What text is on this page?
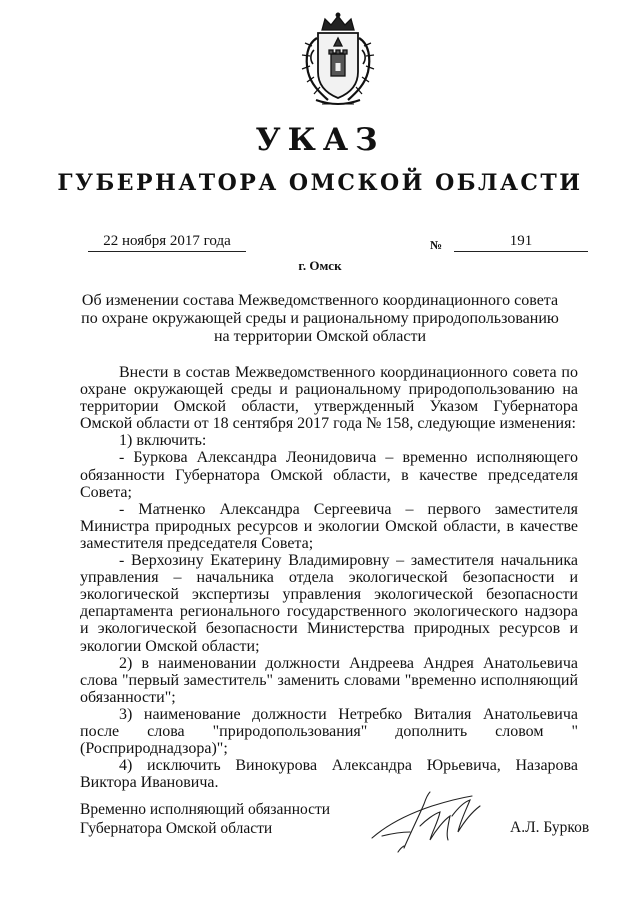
УКАЗ
ГУБЕРНАТОРА ОМСКОЙ ОБЛАСТИ
22 ноября 2017 года	№	191
г. Омск
Об изменении состава Межведомственного координационного совета
по охране окружающей среды и рациональному природопользованию
на территории Омской области

Внести в состав Межведомственного координационного совета по охране окружающей среды и рациональному природопользованию на территории Омской области, утвержденный Указом Губернатора Омской области от 18 сентября 2017 года № 158, следующие изменения:

1) включить:

- Буркова Александра Леонидовича – временно исполняющего обязанности Губернатора Омской области, в качестве председателя Совета;

- Матненко Александра Сергеевича – первого заместителя Министра природных ресурсов и экологии Омской области, в качестве заместителя председателя Совета;

- Верхозину Екатерину Владимировну – заместителя начальника управления – начальника отдела экологической безопасности и экологической экспертизы управления экологической безопасности департамента регионального государственного экологического надзора и экологической безопасности Министерства природных ресурсов и экологии Омской области;

2) в наименовании должности Андреева Андрея Анатольевича слова "первый заместитель" заменить словами "временно исполняющий обязанности";

3) наименование должности Нетребко Виталия Анатольевича после слова "природопользования" дополнить словом "(Росприроднадзора)";

4) исключить Винокурова Александра Юрьевича, Назарова Виктора Ивановича.

Временно исполняющий обязанности
Губернатора Омской области	А.Л. Бурков
